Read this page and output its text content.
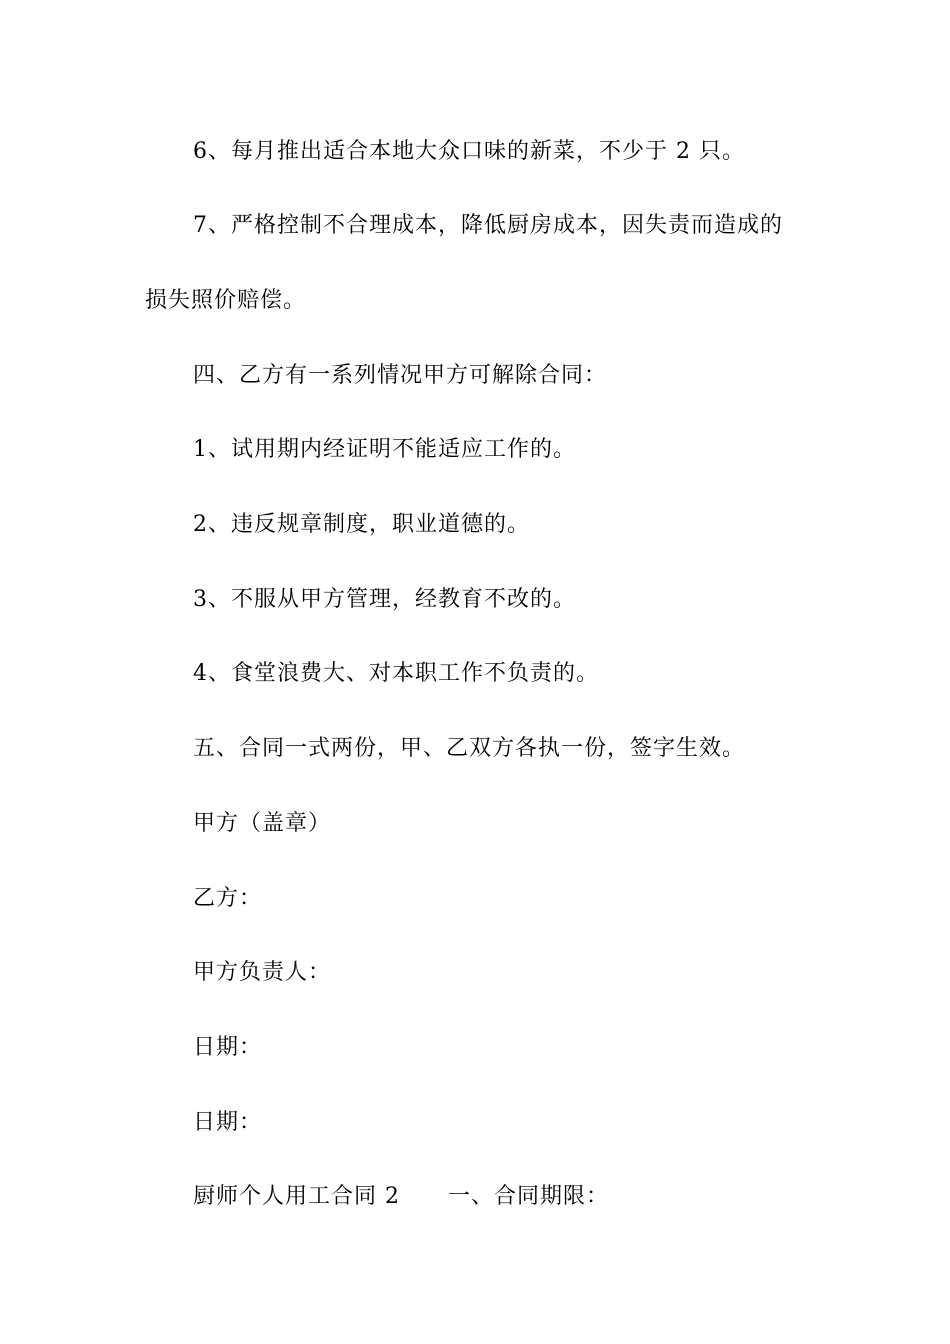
6、每月推出适合本地大众口味的新菜，不少于 2 只。
7、严格控制不合理成本，降低厨房成本，因失责而造成的
损失照价赔偿。
四、乙方有一系列情况甲方可解除合同：
1、试用期内经证明不能适应工作的。
2、违反规章制度，职业道德的。
3、不服从甲方管理，经教育不改的。
4、食堂浪费大、对本职工作不负责的。
五、合同一式两份，甲、乙双方各执一份，签字生效。
甲方（盖章）
乙方：
甲方负责人：
日期：
日期：
厨师个人用工合同 2 一、合同期限：
